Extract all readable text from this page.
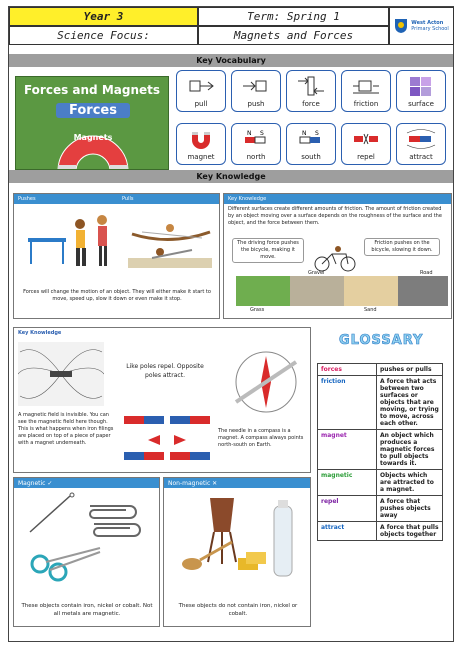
Year 3	Term: Spring 1
Science Focus:	Magnets and Forces
West Acton
Primary School
Key Vocabulary
Forces and Magnets
Forces
Magnets
pull	push	force	friction	surface
magnet
N S
north
N S
south	repel	attract
Key Knowledge
Pushes	Pulls
Forces will change the motion of an object. They will either make it start to move, speed up, slow it down or even make it stop.
Key Knowledge
Different surfaces create different amounts of friction. The amount of friction created by an object moving over a surface depends on the roughness of the surface and the object, and the force between them.
The driving force pushes the bicycle, making it move.
Friction pushes on the bicycle, slowing it down.
Gravel	Road
Grass	Sand
Key Knowledge
Like poles repel. Opposite poles attract.
A magnetic field is invisible. You can see the magnetic field here though. This is what happens when iron filings are placed on top of a piece of paper with a magnet underneath.
The needle in a compass is a magnet. A compass always points north-south on Earth.
Magnetic ✓
These objects contain iron, nickel or cobalt. Not all metals are magnetic.
Non-magnetic ✕
These objects do not contain iron, nickel or cobalt.
GLOSSARY
forces	pushes or pulls
friction	A force that acts between two surfaces or objects that are moving, or trying to move, across each other.
magnet	An object which produces a magnetic forces to pull objects towards it.
magnetic	Objects which are attracted to a magnet.
repel	A force that pushes objects away
attract	A force that pulls objects together
